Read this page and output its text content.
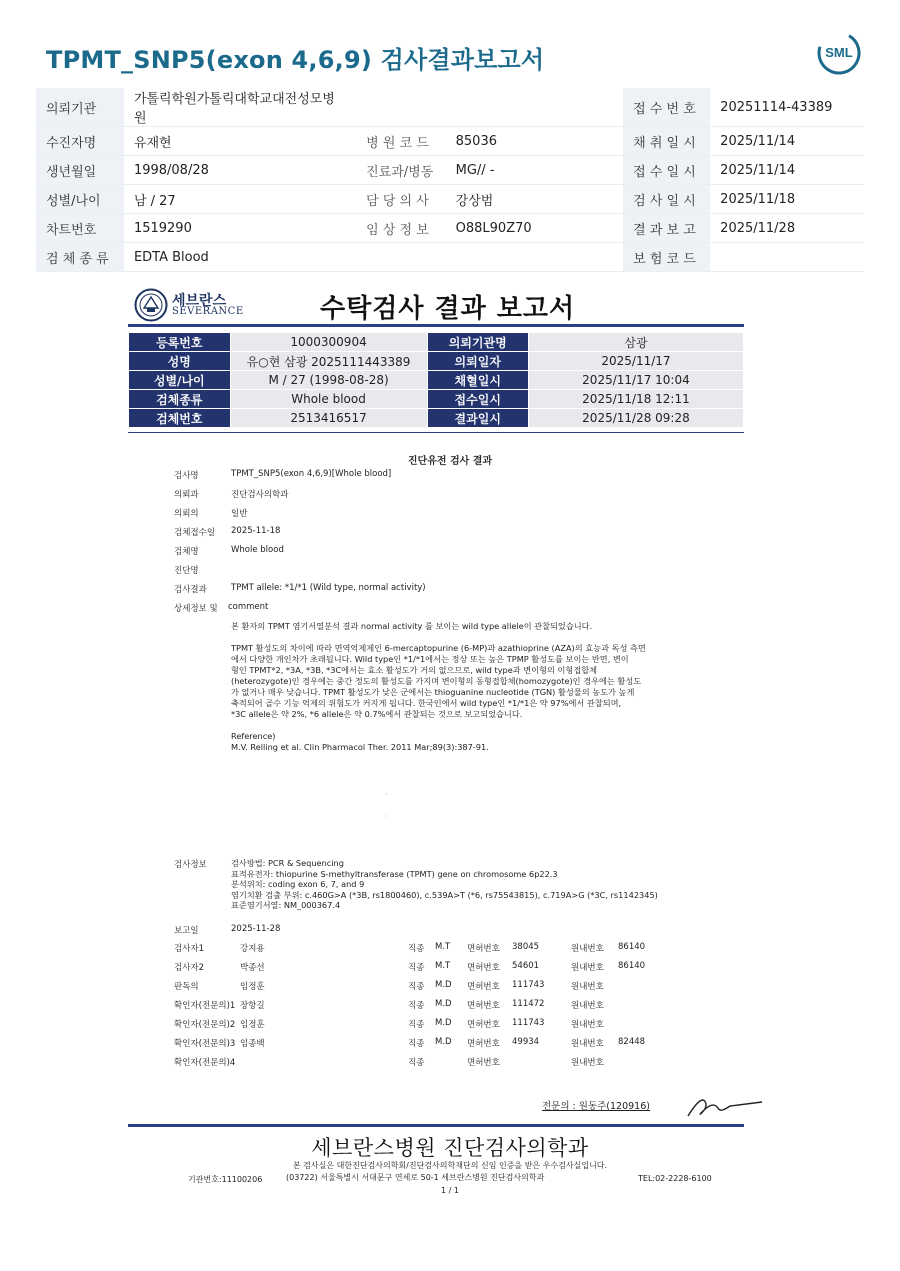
TPMT_SNP5(exon 4,6,9) 검사결과보고서	SML
의뢰기관	가톨릭학원가톨릭대학교대전성모병원			접 수 번 호	20251114-43389
수진자명	유재현	병 원 코 드	85036	채 취 일 시	2025/11/14
생년월일	1998/08/28	진료과/병동	MG// -	접 수 일 시	2025/11/14
성별/나이	남 / 27	담 당 의 사	강상범	검 사 일 시	2025/11/18
차트번호	1519290	임 상 정 보	O88L90Z70	결 과 보 고	2025/11/28
검 체 종 류	EDTA Blood			보 험 코 드	
세브란스
SEVERANCE	수탁검사 결과 보고서
등록번호	1000300904	의뢰기관명	삼광
성명	유○현 삼광 2025111443389	의뢰일자	2025/11/17
성별/나이	M / 27 (1998-08-28)	채혈일시	2025/11/17 10:04
검체종류	Whole blood	접수일시	2025/11/18 12:11
검체번호	2513416517	결과일시	2025/11/28 09:28
진단유전 검사 결과
검사명	TPMT_SNP5(exon 4,6,9)[Whole blood]
의뢰과	진단검사의학과
의뢰의	일반
검체접수일 2025-11-18
검체명	Whole blood
진단명
검사결과	TPMT allele: *1/*1 (Wild type, normal activity)
상세정보 및 comment
본 환자의 TPMT 염기서열분석 결과 normal activity 를 보이는 wild type allele이 관찰되었습니다.
TPMT 활성도의 차이에 따라 면역억제제인 6-mercaptopurine (6-MP)과 azathioprine (AZA)의 효능과 독성 측면
에서 다양한 개인차가 초래됩니다. Wild type인 *1/*1에서는 정상 또는 높은 TPMP 활성도를 보이는 반면, 변이
형인 TPMT*2, *3A, *3B, *3C에서는 효소 활성도가 거의 없으므로, wild type과 변이형의 이형접합체
(heterozygote)인 경우에는 중간 정도의 활성도를 가지며 변이형의 동형접합체(homozygote)인 경우에는 활성도
가 없거나 매우 낮습니다. TPMT 활성도가 낮은 군에서는 thioguanine nucleotide (TGN) 활성물의 농도가 높게
축적되어 골수 기능 억제의 위험도가 커지게 됩니다. 한국인에서 wild type인 *1/*1은 약 97%에서 관찰되며,
*3C allele은 약 2%, *6 allele은 약 0.7%에서 관찰되는 것으로 보고되었습니다.
Reference)
M.V. Relling et al. Clin Pharmacol Ther. 2011 Mar;89(3):387-91.
·
·
검사정보	검사방법: PCR & Sequencing
표적유전자: thiopurine S-methyltransferase (TPMT) gene on chromosome 6p22.3
분석위치: coding exon 6, 7, and 9
염기치환 검출 부위: c.460G>A (*3B, rs1800460), c.539A>T (*6, rs75543815), c.719A>G (*3C, rs1142345)
표준염기서열: NM_000367.4
보고일	2025-11-28
검사자1	강지용	직종 M.T 면허번호 38045	원내번호 86140
검사자2	박종선	직종 M.T 면허번호 54601	원내번호 86140
판독의	임정훈	직종 M.D 면허번호 111743	원내번호
확인자(전문의)1 장항길	직종 M.D 면허번호 111472	원내번호
확인자(전문의)2 임정훈	직종 M.D 면허번호 111743	원내번호
확인자(전문의)3 임종백	직종 M.D 면허번호 49934	원내번호 82448
확인자(전문의)4	직종	면허번호	원내번호
전문의 : 원동주(120916)
세브란스병원 진단검사의학과
본 검사실은 대한진단검사의학회/진단검사의학재단의 신임 인증을 받은 우수검사실입니다.
기관번호:11100206	(03722) 서울특별시 서대문구 연세로 50-1 세브란스병원 진단검사의학과	TEL:02-2228-6100
1 / 1
